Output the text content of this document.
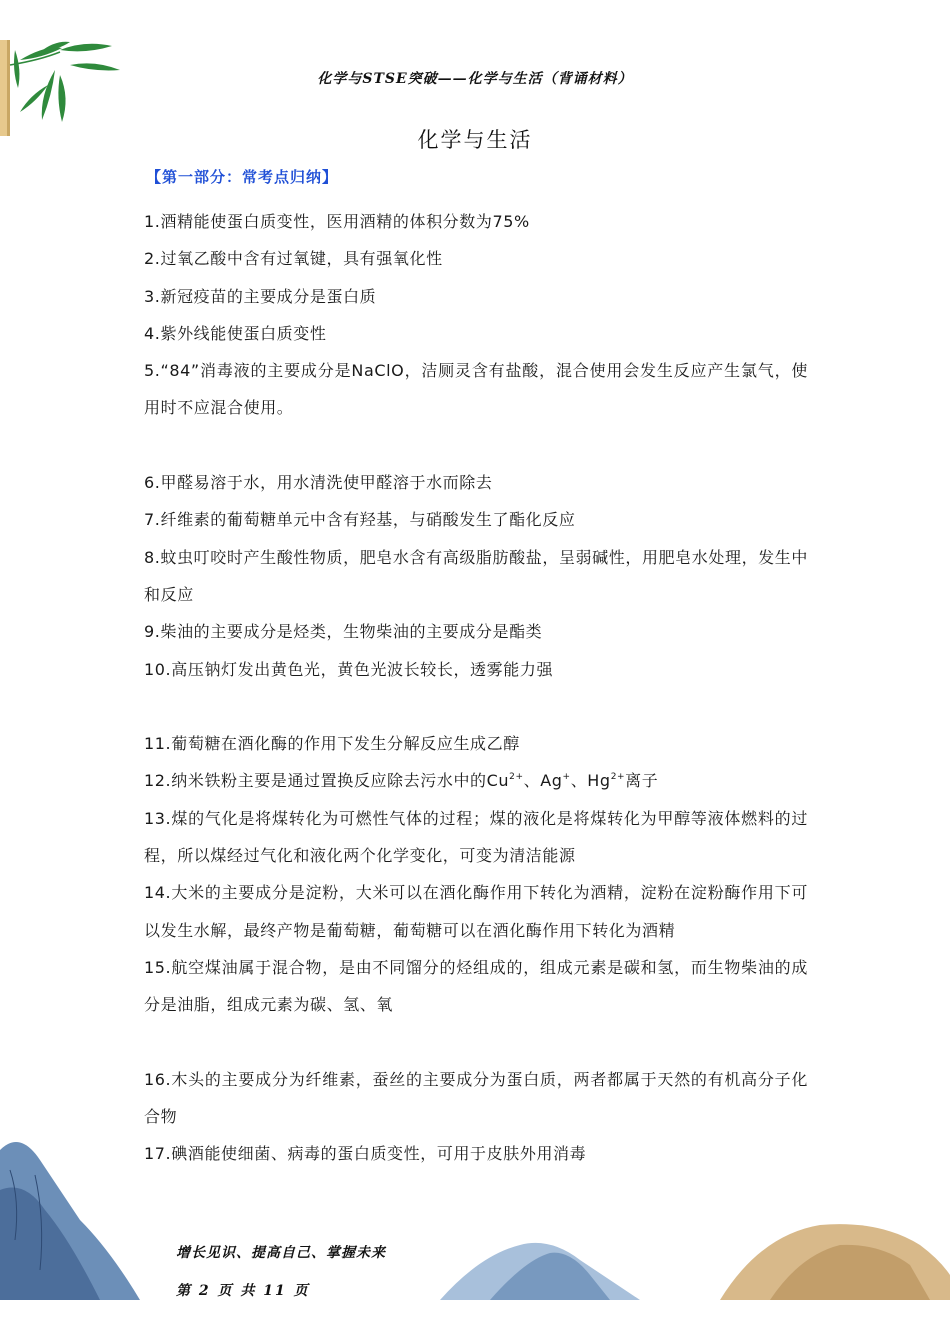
化学与STSE突破——化学与生活（背诵材料）
化学与生活
【第一部分：常考点归纳】

1.酒精能使蛋白质变性，医用酒精的体积分数为75%

2.过氧乙酸中含有过氧键，具有强氧化性

3.新冠疫苗的主要成分是蛋白质

4.紫外线能使蛋白质变性

5.“84”消毒液的主要成分是NaClO，洁厕灵含有盐酸，混合使用会发生反应产生氯气，使用时不应混合使用。

6.甲醛易溶于水，用水清洗使甲醛溶于水而除去

7.纤维素的葡萄糖单元中含有羟基，与硝酸发生了酯化反应

8.蚊虫叮咬时产生酸性物质，肥皂水含有高级脂肪酸盐，呈弱碱性，用肥皂水处理，发生中和反应

9.柴油的主要成分是烃类，生物柴油的主要成分是酯类

10.高压钠灯发出黄色光，黄色光波长较长，透雾能力强

11.葡萄糖在酒化酶的作用下发生分解反应生成乙醇

12.纳米铁粉主要是通过置换反应除去污水中的$Cu^{2+}$、Ag+、$Hg^{2+}$离子

13.煤的气化是将煤转化为可燃性气体的过程；煤的液化是将煤转化为甲醇等液体燃料的过程，所以煤经过气化和液化两个化学变化，可变为清洁能源

14.大米的主要成分是淀粉，大米可以在酒化酶作用下转化为酒精，淀粉在淀粉酶作用下可以发生水解，最终产物是葡萄糖，葡萄糖可以在酒化酶作用下转化为酒精

15.航空煤油属于混合物，是由不同馏分的烃组成的，组成元素是碳和氢，而生物柴油的成分是油脂，组成元素为碳、氢、氧

16.木头的主要成分为纤维素，蚕丝的主要成分为蛋白质，两者都属于天然的有机高分子化合物

17.碘酒能使细菌、病毒的蛋白质变性，可用于皮肤外用消毒

增长见识、提高自己、掌握未来
第 2 页 共 11 页
